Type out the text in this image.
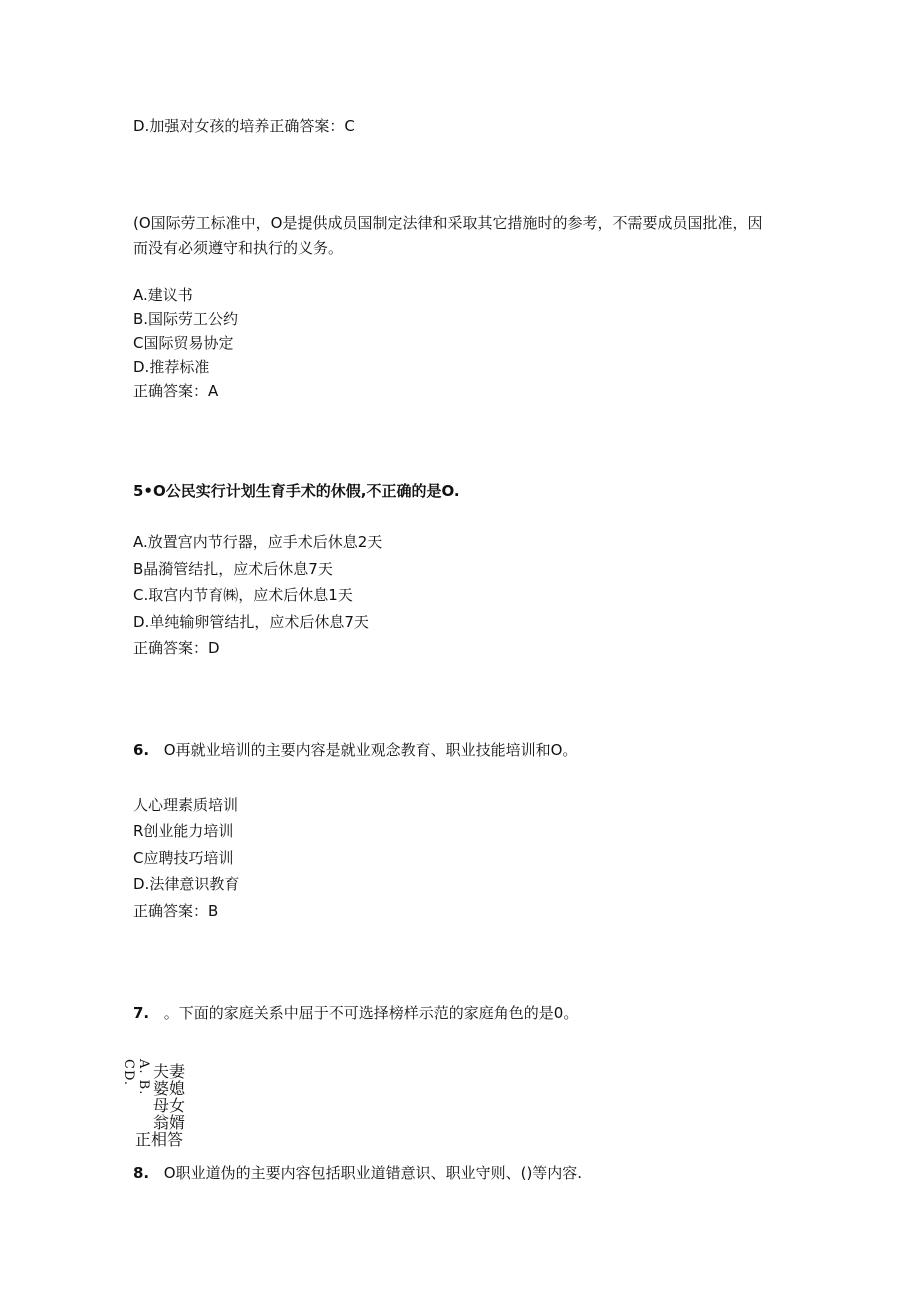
D.加强对女孩的培养正确答案：C
(O国际劳工标准中，O是提供成员国制定法律和采取其它措施时的参考，不需要成员国批准，因
而没有必须遵守和执行的义务。
A.建议书
B.国际劳工公约
C国际贸易协定
D.推荐标准
正确答案：A
5•O公民实行计划生育手术的休假,不正确的是O.
A.放置宫内节行器，应手术后休息2天
B晶漪管结扎，应术后休息7天
C.取宫内节育㈱，应术后休息1天
D.单纯输卵管结扎，应术后休息7天
正确答案：D
6. O再就业培训的主要内容是就业观念教育、职业技能培训和O。
人心理素质培训
R创业能力培训
C应聘技巧培训
D.法律意识教育
正确答案：B
7. 。下面的家庭关系中屈于不可选择榜样示范的家庭角色的是0。
A. B. CD.	夫妻
婆媳
母女
翁婿
正相答
8. O职业道伪的主要内容包括职业道错意识、职业守则、()等内容.
